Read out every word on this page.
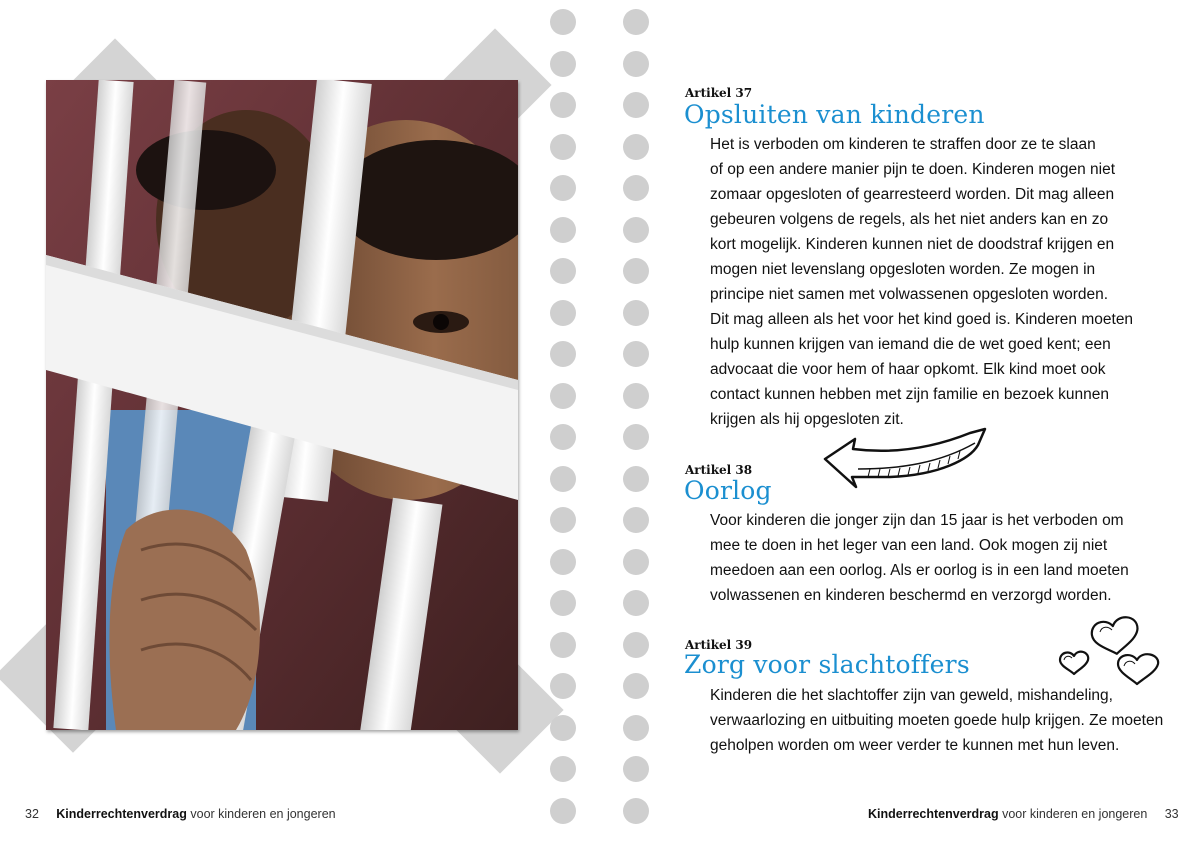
32 Kinderrechtenverdrag voor kinderen en jongeren
Artikel 37
Opsluiten van kinderen
Het is verboden om kinderen te straffen door ze te slaan
of op een andere manier pijn te doen. Kinderen mogen niet
zomaar opgesloten of gearresteerd worden. Dit mag alleen
gebeuren volgens de regels, als het niet anders kan en zo
kort mogelijk. Kinderen kunnen niet de doodstraf krijgen en
mogen niet levenslang opgesloten worden. Ze mogen in
principe niet samen met volwassenen opgesloten worden.
Dit mag alleen als het voor het kind goed is. Kinderen moeten
hulp kunnen krijgen van iemand die de wet goed kent; een
advocaat die voor hem of haar opkomt. Elk kind moet ook
contact kunnen hebben met zijn familie en bezoek kunnen
krijgen als hij opgesloten zit.
Artikel 38
Oorlog
Voor kinderen die jonger zijn dan 15 jaar is het verboden om
mee te doen in het leger van een land. Ook mogen zij niet
meedoen aan een oorlog. Als er oorlog is in een land moeten
volwassenen en kinderen beschermd en verzorgd worden.
Artikel 39
Zorg voor slachtoffers
Kinderen die het slachtoffer zijn van geweld, mishandeling,
verwaarlozing en uitbuiting moeten goede hulp krijgen. Ze moeten
geholpen worden om weer verder te kunnen met hun leven.
Kinderrechtenverdrag voor kinderen en jongeren 33
